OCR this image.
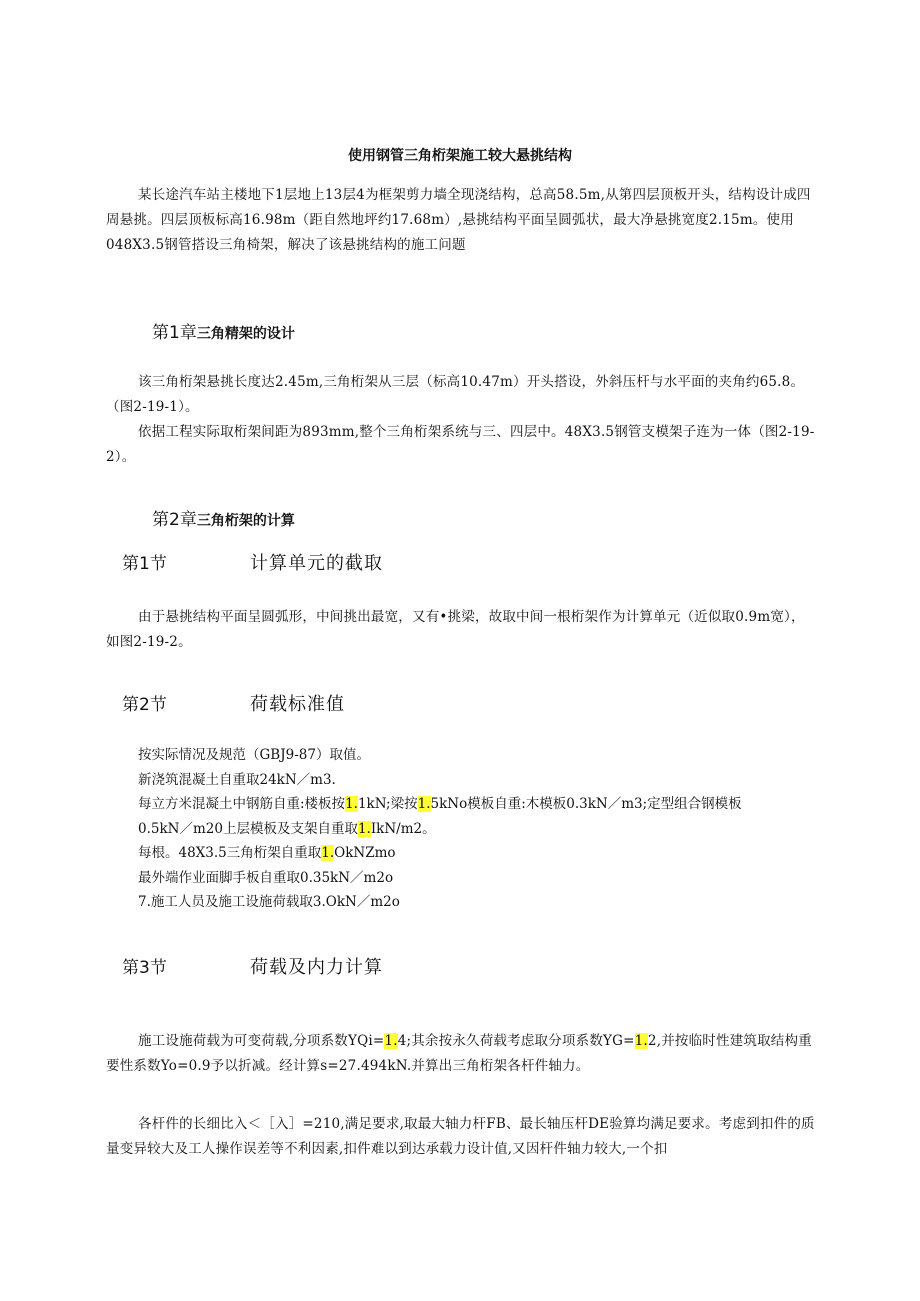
使用钢管三角桁架施工较大悬挑结构

某长途汽车站主楼地下1层地上13层4为框架剪力墙全现浇结构，总高58.5m,从第四层顶板开头，结构设计成四周悬挑。四层顶板标高16.98m（距自然地坪约17.68m）,悬挑结构平面呈圆弧状，最大净悬挑宽度2.15m。使用048X3.5钢管搭设三角椅架，解决了该悬挑结构的施工问题

第1章三角精架的设计

该三角桁架悬挑长度达2.45m,三角桁架从三层（标高10.47m）开头搭设，外斜压杆与水平面的夹角约65.8。（图2-19-1）。

依据工程实际取桁架间距为893mm,整个三角桁架系统与三、四层中。48X3.5钢管支模架子连为一体（图2-19-2）。

第2章三角桁架的计算
第1节	计算单元的截取

由于悬挑结构平面呈圆弧形，中间挑出最宽，又有•挑梁，故取中间一根桁架作为计算单元（近似取0.9m宽），如图2-19-2。

第2节	荷载标准值
按实际情况及规范（GBJ9-87）取值。
新浇筑混凝土自重取24kN／m3.
每立方米混凝土中钢筋自重:楼板按1.1kN;梁按1.5kNo模板自重:木模板0.3kN／m3;定型组合钢模板
0.5kN／m20上层模板及支架自重取1.IkN/m2。
每根。48X3.5三角桁架自重取1.OkNZmo
最外端作业面脚手板自重取0.35kN／m2o
7.施工人员及施工设施荷载取3.OkN／m2o
第3节	荷载及内力计算

施工设施荷载为可变荷载,分项系数YQi=1.4;其余按永久荷载考虑取分项系数YG=1.2,并按临时性建筑取结构重要性系数Yo=0.9予以折减。经计算s=27.494kN.并算出三角桁架各杆件轴力。

各杆件的长细比入＜［入］=210,满足要求,取最大轴力杆FB、最长轴压杆DE验算均满足要求。考虑到扣件的质量变异较大及工人操作误差等不利因素,扣件难以到达承载力设计值,又因杆件轴力较大,一个扣
